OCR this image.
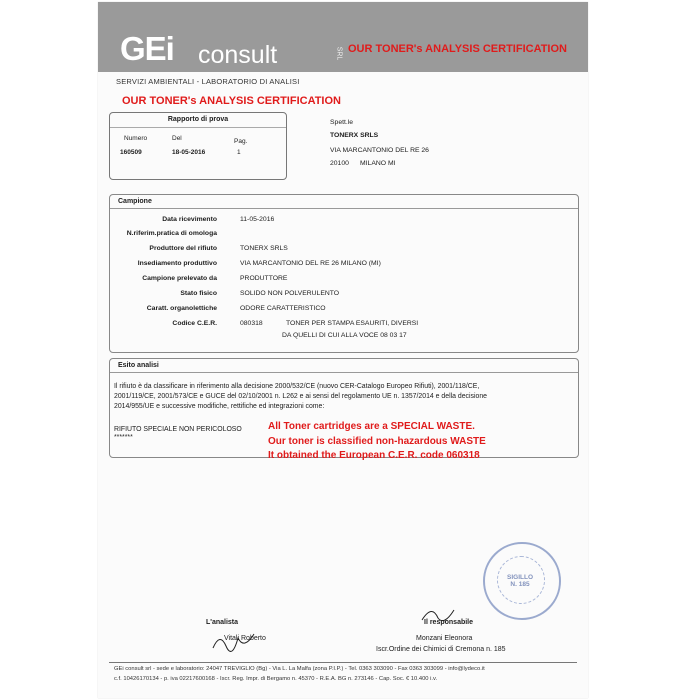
GEi consult	SRL OUR TONER's ANALYSIS CERTIFICATION
SERVIZI AMBIENTALI - LABORATORIO DI ANALISI
OUR TONER's ANALYSIS CERTIFICATION
Rapporto di prova
Numero	Del	Pag.
160509	18-05-2016	1
Spett.le
TONERX SRLS
VIA MARCANTONIO DEL RE 26
20100 MILANO MI
Campione
Data ricevimento	11-05-2016
N.riferim.pratica di omologa
Produttore del rifiuto	TONERX SRLS
Insediamento produttivo	VIA MARCANTONIO DEL RE 26 MILANO (MI)
Campione prelevato da	PRODUTTORE
Stato fisico	SOLIDO NON POLVERULENTO
Caratt. organolettiche	ODORE CARATTERISTICO
Codice C.E.R.	080318	TONER PER STAMPA ESAURITI, DIVERSI
DA QUELLI DI CUI ALLA VOCE 08 03 17
Esito analisi
Il rifiuto è da classificare in riferimento alla decisione 2000/532/CE (nuovo CER-Catalogo Europeo Rifiuti), 2001/118/CE,
2001/119/CE, 2001/573/CE e GUCE del 02/10/2001 n. L262 e ai sensi del regolamento UE n. 1357/2014 e della decisione
2014/955/UE e successive modifiche, rettifiche ed integrazioni come:
RIFIUTO SPECIALE NON PERICOLOSO
*******
All Toner cartridges are a SPECIAL WASTE.
Our toner is classified non-hazardous WASTE
It obtained the European C.E.R. code 060318
SIGILLO
N. 185
L'analista
Vitali Roberto
Il responsabile
Monzani Eleonora
Iscr.Ordine dei Chimici di Cremona n. 185
GEi consult srl - sede e laboratorio: 24047 TREVIGLIO (Bg) - Via L. La Malfa (zona P.I.P.) - Tel. 0363 303090 - Fax 0363 303099 - info@lydeco.it
c.f. 10426170134 - p. iva 02217600168 - Iscr. Reg. Impr. di Bergamo n. 45370 - R.E.A. BG n. 273146 - Cap. Soc. € 10.400 i.v.
